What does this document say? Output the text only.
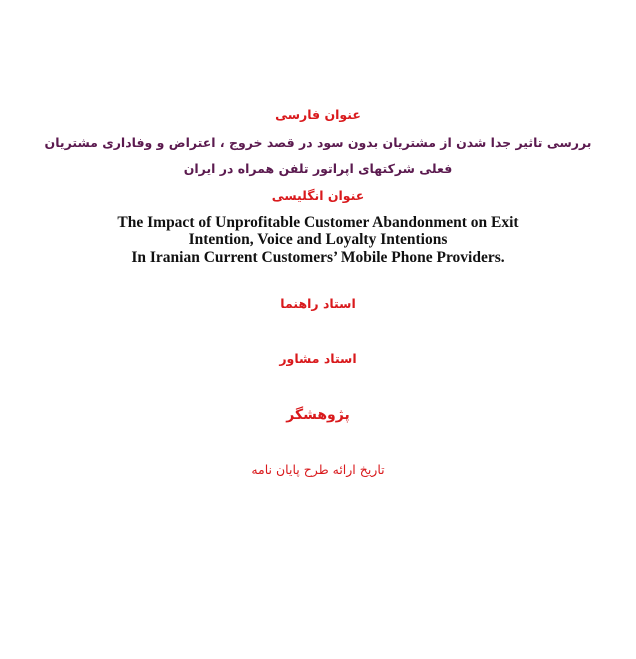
عنوان فارسی
بررسی تاثیر جدا شدن از مشتریان بدون سود در قصد خروج ، اعتراض و وفاداری مشتریان
فعلی شرکتهای اپراتور تلفن همراه در ایران
عنوان انگلیسی
The Impact of Unprofitable Customer Abandonment on Exit
Intention, Voice and Loyalty Intentions
In Iranian Current Customers’ Mobile Phone Providers.
استاد راهنما
استاد مشاور
پژوهشگر
تاریخ ارائه طرح پایان نامه
